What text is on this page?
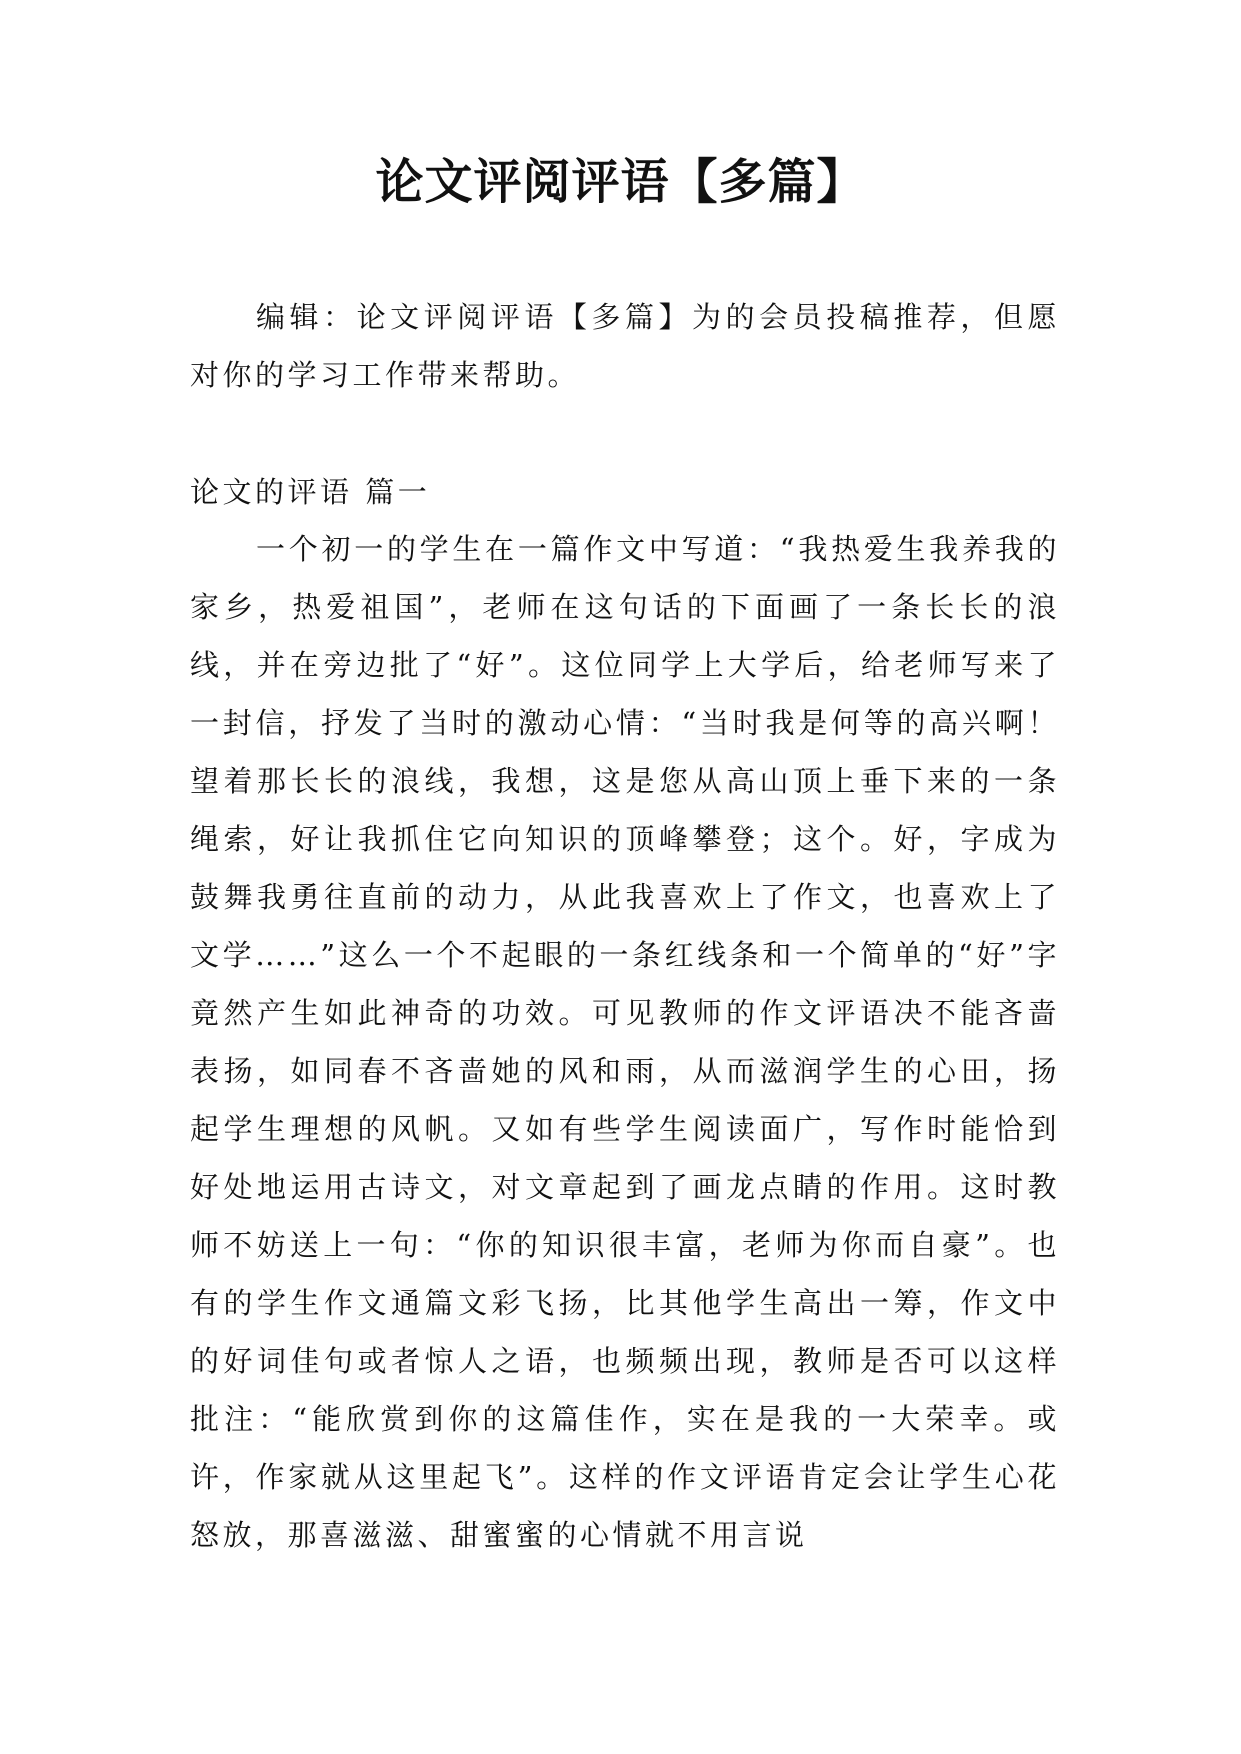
论文评阅评语【多篇】

编辑：论文评阅评语【多篇】为的会员投稿推荐，但愿对你的学习工作带来帮助。

论文的评语 篇一

一个初一的学生在一篇作文中写道：“我热爱生我养我的家乡，热爱祖国”，老师在这句话的下面画了一条长长的浪线，并在旁边批了“好”。这位同学上大学后，给老师写来了一封信，抒发了当时的激动心情：“当时我是何等的高兴啊！望着那长长的浪线，我想，这是您从高山顶上垂下来的一条绳索，好让我抓住它向知识的顶峰攀登；这个。好，字成为鼓舞我勇往直前的动力，从此我喜欢上了作文，也喜欢上了文学……”这么一个不起眼的一条红线条和一个简单的“好”字竟然产生如此神奇的功效。可见教师的作文评语决不能吝啬表扬，如同春不吝啬她的风和雨，从而滋润学生的心田，扬起学生理想的风帆。又如有些学生阅读面广，写作时能恰到好处地运用古诗文，对文章起到了画龙点睛的作用。这时教师不妨送上一句：“你的知识很丰富，老师为你而自豪”。也有的学生作文通篇文彩飞扬，比其他学生高出一筹，作文中的好词佳句或者惊人之语，也频频出现，教师是否可以这样批注：“能欣赏到你的这篇佳作，实在是我的一大荣幸。或许，作家就从这里起飞”。这样的作文评语肯定会让学生心花怒放，那喜滋滋、甜蜜蜜的心情就不用言说
